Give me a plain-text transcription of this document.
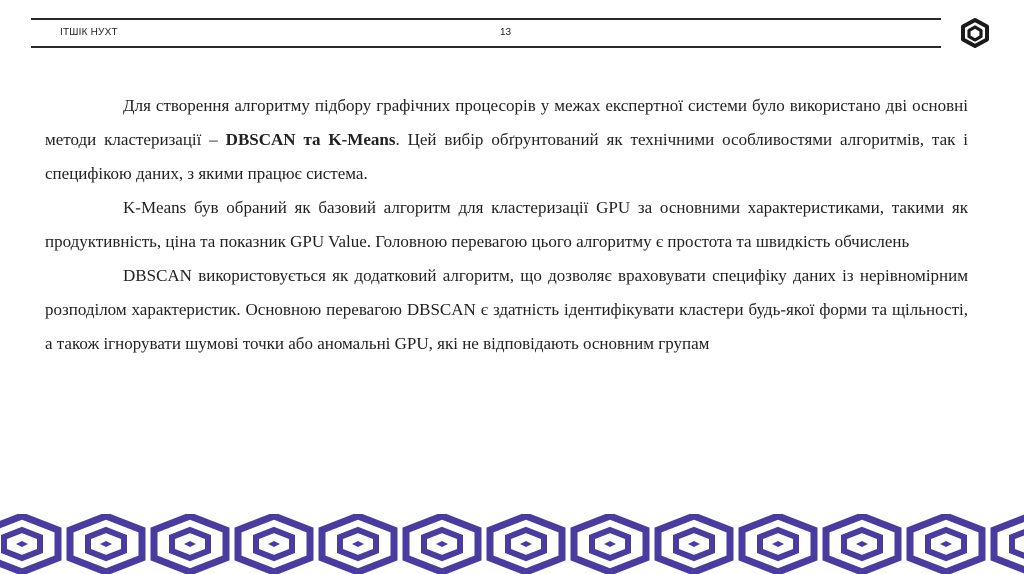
ІТШІК НУХТ	13

Для створення алгоритму підбору графічних процесорів у межах експертної системи було використано дві основні методи кластеризації – DBSCAN та K-Means. Цей вибір обґрунтований як технічними особливостями алгоритмів, так і специфікою даних, з якими працює система.

K-Means був обраний як базовий алгоритм для кластеризації GPU за основними характеристиками, такими як продуктивність, ціна та показник GPU Value. Головною перевагою цього алгоритму є простота та швидкість обчислень

DBSCAN використовується як додатковий алгоритм, що дозволяє враховувати специфіку даних із нерівномірним розподілом характеристик. Основною перевагою DBSCAN є здатність ідентифікувати кластери будь-якої форми та щільності, а також ігнорувати шумові точки або аномальні GPU, які не відповідають основним групам
